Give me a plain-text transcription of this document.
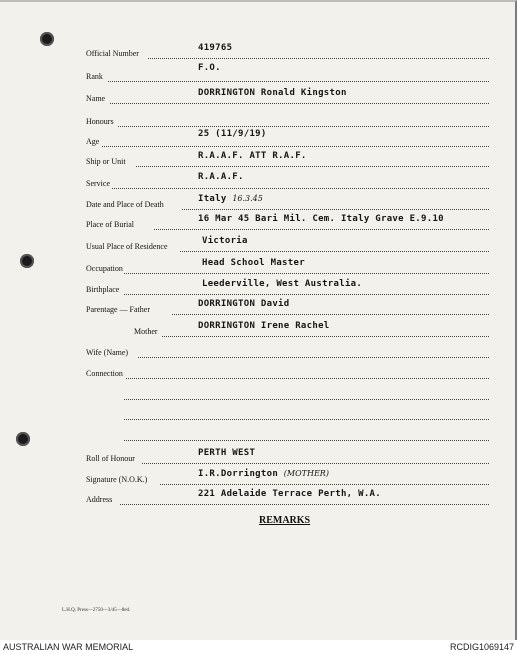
Official Number
419765
Rank
F.O.
Name
DORRINGTON Ronald Kingston
Honours
Age
25 (11/9/19)
Ship or Unit
R.A.A.F. ATT R.A.F.
Service
R.A.A.F.
Date and Place of Death
Italy 16.3.45
Place of Burial
16 Mar 45 Bari Mil. Cem. Italy Grave E.9.10
Usual Place of Residence
Victoria
Occupation
Head School Master
Birthplace
Leederville, West Australia.
Parentage — Father
DORRINGTON David
Mother
DORRINGTON Irene Rachel
Wife (Name)
Connection
Roll of Honour
PERTH WEST
Signature (N.O.K.)
I.R.Dorrington (MOTHER)
Address
221 Adelaide Terrace Perth, W.A.
REMARKS
L.H.Q. Press—2750—3/45—8ed.
AUSTRALIAN WAR MEMORIAL	RCDIG1069147
